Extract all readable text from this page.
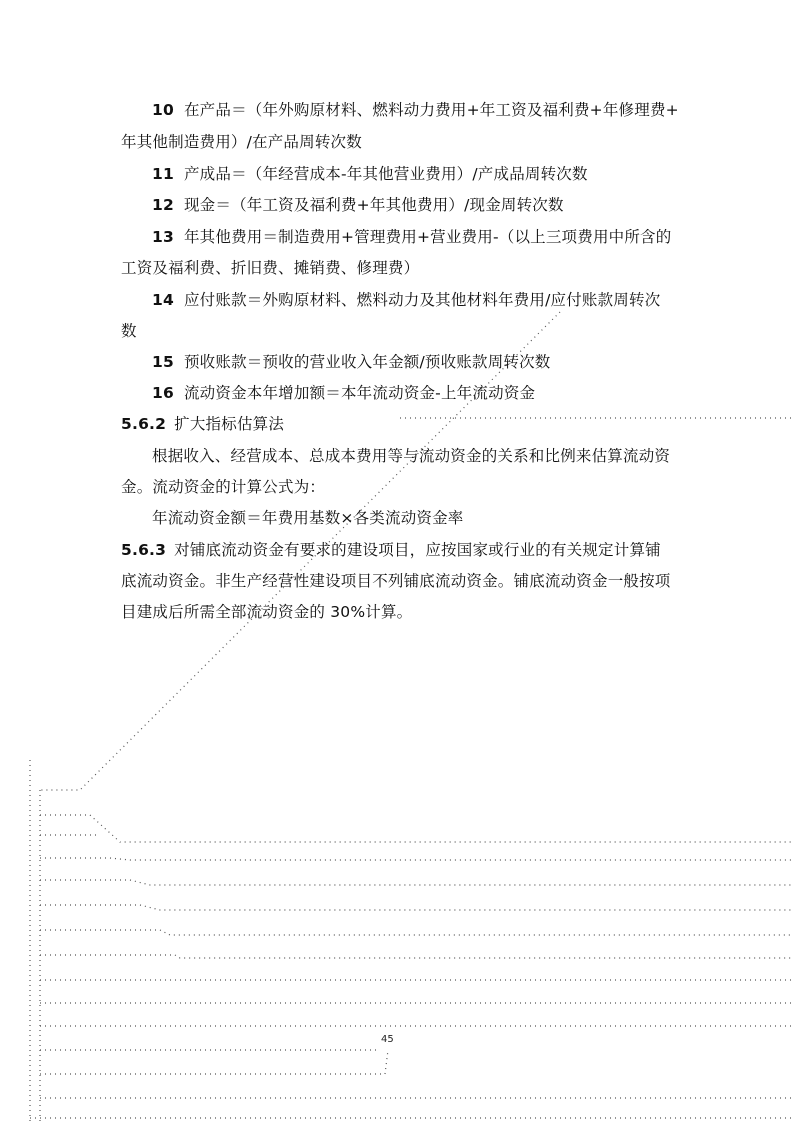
10 在产品＝（年外购原材料、燃料动力费用+年工资及福利费+年修理费+
年其他制造费用）/在产品周转次数
11 产成品＝（年经营成本-年其他营业费用）/产成品周转次数
12 现金＝（年工资及福利费+年其他费用）/现金周转次数
13 年其他费用＝制造费用+管理费用+营业费用-（以上三项费用中所含的
工资及福利费、折旧费、摊销费、修理费）
14 应付账款＝外购原材料、燃料动力及其他材料年费用/应付账款周转次
数
15 预收账款＝预收的营业收入年金额/预收账款周转次数
16 流动资金本年增加额＝本年流动资金-上年流动资金
5.6.2 扩大指标估算法
根据收入、经营成本、总成本费用等与流动资金的关系和比例来估算流动资
金。流动资金的计算公式为：
年流动资金额＝年费用基数×各类流动资金率
5.6.3 对铺底流动资金有要求的建设项目，应按国家或行业的有关规定计算铺
底流动资金。非生产经营性建设项目不列铺底流动资金。铺底流动资金一般按项
目建成后所需全部流动资金的 30%计算。
45
